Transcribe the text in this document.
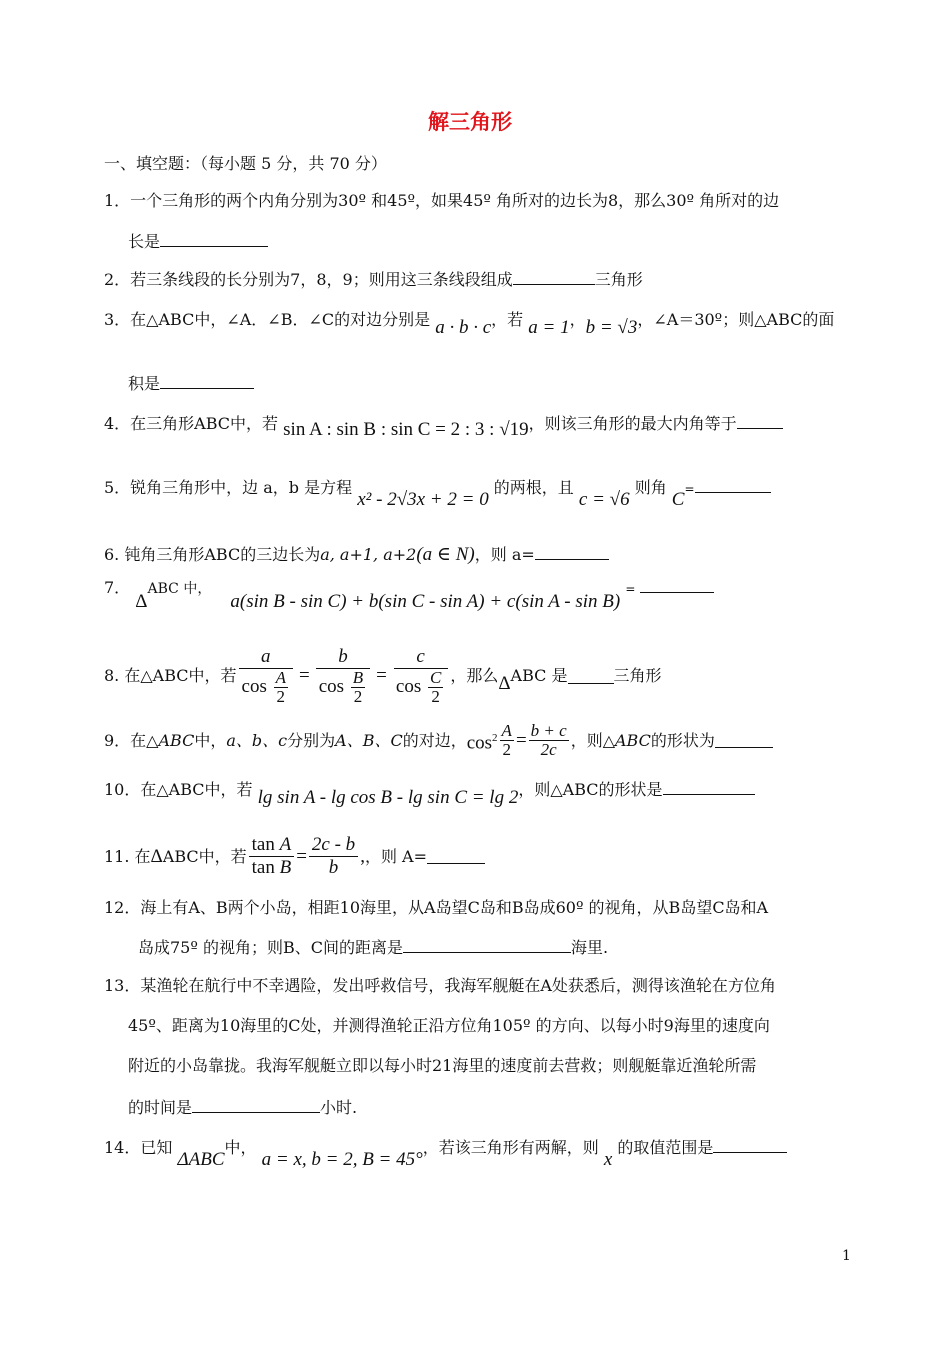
解三角形
一、填空题：（每小题 5 分，共 70 分）
1．一个三角形的两个内角分别为30º 和45º，如果45º 角所对的边长为8，那么30º 角所对的边
长是
2．若三条线段的长分别为7，8，9；则用这三条线段组成	三角形
3．在△ABC中，∠A．∠B．∠C的对边分别是 a · b · c，若 a = 1，b = √3，∠A＝30º；则△ABC的面
积是
4．在三角形ABC中，若 sin A : sin B : sin C = 2 : 3 : √19，则该三角形的最大内角等于
5．锐角三角形中，边 a，b 是方程 x² - 2√3x + 2 = 0 的两根，且 c = √6 则角 C=
6. 钝角三角形ABC的三边长为a, a+1, a+2(a ∈ N)，则 a=
7． ΔABC 中， a(sin B - sin C) + b(sin C - sin A) + c(sin A - sin B) =
8. 在△ABC中，若 $\frac{a}{\cos \frac{A}{2}} = \frac{b}{\cos \frac{B}{2}} = \frac{c}{\cos \frac{C}{2}}$ ，那么 Δ ABC 是	三角形
9．在△ ABC 中， a、b、c 分别为 A、B、C 的对边， $\cos^2 \frac{A}{2} = \frac{b + c}{2c}$ ，则△ ABC 的形状为
10．在△ABC中，若 lg sin A - lg cos B - lg sin C = lg 2，则△ABC的形状是
11. 在 Δ ABC中，若 $\frac{\text{tan A}}{\text{tan B}} = \frac{2c - b}{b}$ , ，则 A=
12．海上有A、B两个小岛，相距10海里，从A岛望C岛和B岛成60º 的视角，从B岛望C岛和A
岛成75º 的视角；则B、C间的距离是	海里.
13．某渔轮在航行中不幸遇险，发出呼救信号，我海军舰艇在A处获悉后，测得该渔轮在方位角
45º、距离为10海里的C处，并测得渔轮正沿方位角105º 的方向、以每小时9海里的速度向
附近的小岛靠拢。我海军舰艇立即以每小时21海里的速度前去营救；则舰艇靠近渔轮所需
的时间是	小时.
14．已知 ΔABC中， a = x, b = 2, B = 45°，若该三角形有两解，则 x 的取值范围是
1
